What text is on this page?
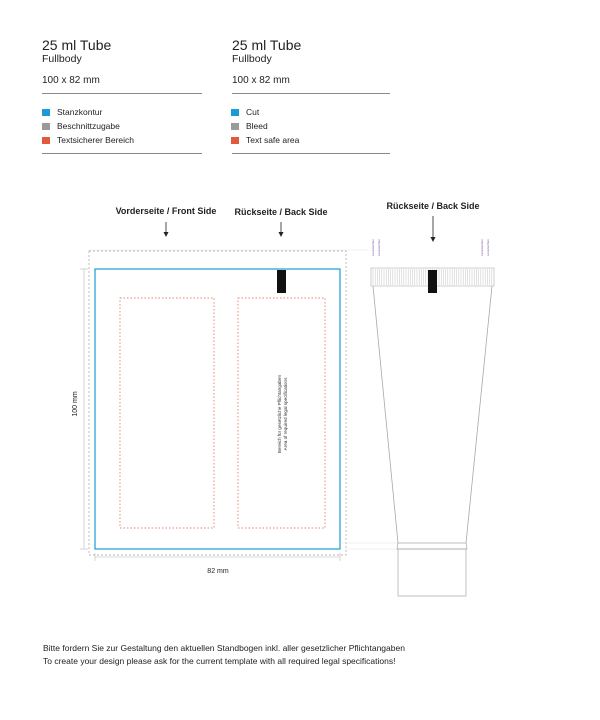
25 ml Tube
Fullbody
100 x 82 mm
25 ml Tube
Fullbody
100 x 82 mm
Stanzkontur
Beschnittzugabe
Textsicherer Bereich
Cut
Bleed
Text safe area
Vorderseite / Front Side Rückseite / Back Side
Rückseite / Back Side
Bereich für gesetzliche Pflichtangaben Area of required legal specifications
100 mm
82 mm
Lesezeichen Lesezeichen	Lesezeichen Lesezeichen
Bitte fordern Sie zur Gestaltung den aktuellen Standbogen inkl. aller gesetzlicher Pflichtangaben
To create your design please ask for the current template with all required legal specifications!
